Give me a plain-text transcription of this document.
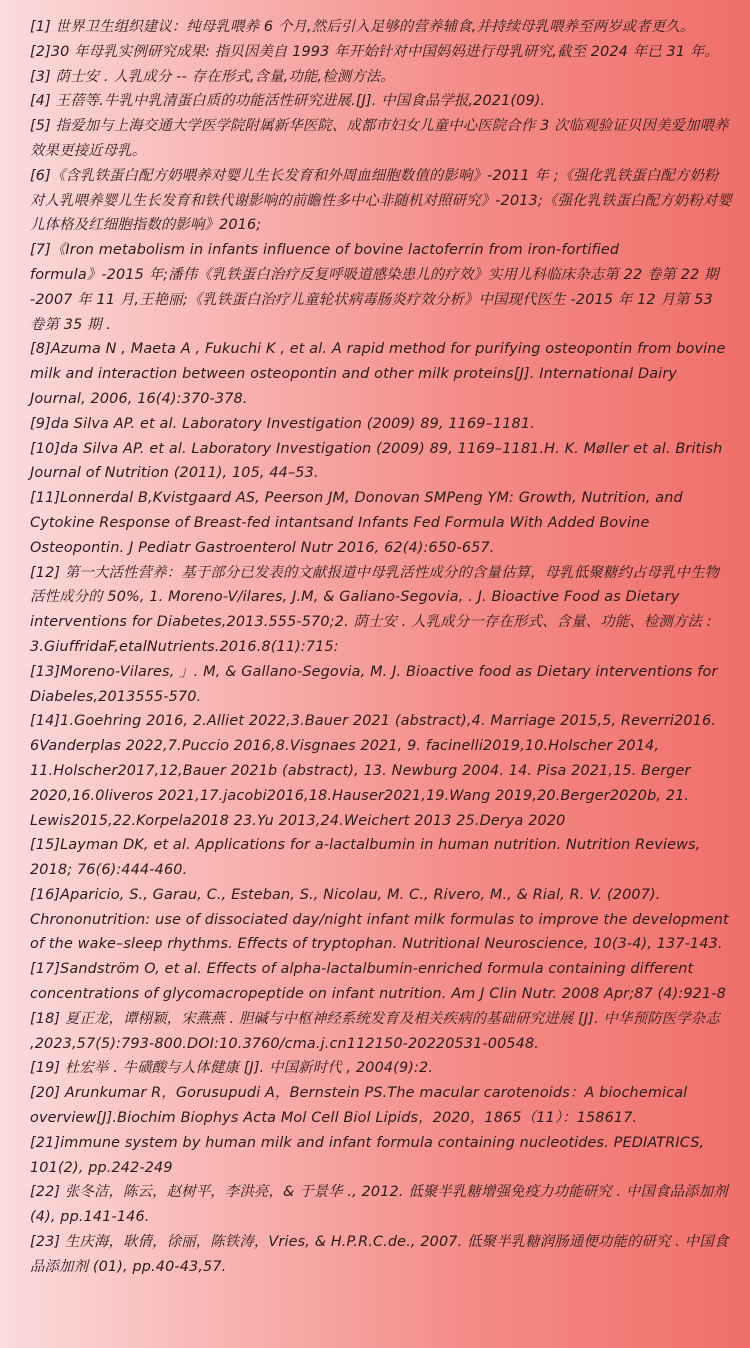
[1] 世界卫生组织建议：纯母乳喂养 6 个月,然后引入足够的营养辅食,并持续母乳喂养至两岁或者更久。

[2]30 年母乳实例研究成果: 指贝因美自 1993 年开始针对中国妈妈进行母乳研究,截至 2024 年已 31 年。

[3] 荫士安 . 人乳成分 -- 存在形式,含量,功能,检测方法。

[4] 王蓓等.牛乳中乳清蛋白质的功能活性研究进展.[J]. 中国食品学报,2021(09).

[5] 指爱加与上海交通大学医学院附属新华医院、成都市妇女儿童中心医院合作 3 次临观验证贝因美爱加喂养效果更接近母乳。

[6]《含乳铁蛋白配方奶喂养对婴儿生长发育和外周血细胞数值的影响》-2011 年 ;《强化乳铁蛋白配方奶粉对人乳喂养婴儿生长发育和铁代谢影响的前瞻性多中心非随机对照研究》-2013;《强化乳铁蛋白配方奶粉对婴儿体格及红细胞指数的影响》2016;

[7]《Iron metabolism in infants influence of bovine lactoferrin from iron-fortified formula》-2015 年;潘伟《乳铁蛋白治疗反复呼吸道感染患儿的疗效》实用儿科临床杂志第 22 卷第 22 期 -2007 年 11 月,王艳丽;《乳铁蛋白治疗儿童轮状病毒肠炎疗效分析》中国现代医生 -2015 年 12 月第 53 卷第 35 期 .

[8]Azuma N , Maeta A , Fukuchi K , et al. A rapid method for purifying osteopontin from bovine milk and interaction between osteopontin and other milk proteins[J]. International Dairy Journal, 2006, 16(4):370-378.

[9]da Silva AP. et al. Laboratory Investigation (2009) 89, 1169–1181.

[10]da Silva AP. et al. Laboratory Investigation (2009) 89, 1169–1181.H. K. Møller et al. British Journal of Nutrition (2011), 105, 44–53.

[11]Lonnerdal B,Kvistgaard AS, Peerson JM, Donovan SMPeng YM: Growth, Nutrition, and Cytokine Response of Breast-fed intantsand Infants Fed Formula With Added Bovine Osteopontin. J Pediatr Gastroenterol Nutr 2016, 62(4):650-657.

[12] 第一大活性营养：基于部分已发表的文献报道中母乳活性成分的含量估算，母乳低聚糖约占母乳中生物活性成分的 50%, 1. Moreno-V/ilares, J.M, & Galiano-Segovia, . J. Bioactive Food as Dietary interventions for Diabetes,2013.555-570;2. 荫士安 . 人乳成分一存在形式、含量、功能、检测方法 : 3.GiuffridaF,etalNutrients.2016.8(11):715:

[13]Moreno-Vilares, 」. M, & Gallano-Segovia, M. J. Bioactive food as Dietary interventions for Diabeles,2013555-570.

[14]1.Goehring 2016, 2.Alliet 2022,3.Bauer 2021 (abstract),4. Marriage 2015,5, Reverri2016. 6Vanderplas 2022,7.Puccio 2016,8.Visgnaes 2021, 9. facinelli2019,10.Holscher 2014, 11.Holscher2017,12,Bauer 2021b (abstract), 13. Newburg 2004. 14. Pisa 2021,15. Berger 2020,16.0liveros 2021,17.jacobi2016,18.Hauser2021,19.Wang 2019,20.Berger2020b, 21. Lewis2015,22.Korpela2018 23.Yu 2013,24.Weichert 2013 25.Derya 2020

[15]Layman DK, et al. Applications for a-lactalbumin in human nutrition. Nutrition Reviews, 2018; 76(6):444-460.

[16]Aparicio, S., Garau, C., Esteban, S., Nicolau, M. C., Rivero, M., & Rial, R. V. (2007). Chrononutrition: use of dissociated day/night infant milk formulas to improve the development of the wake–sleep rhythms. Effects of tryptophan. Nutritional Neuroscience, 10(3-4), 137-143.

[17]Sandström O, et al. Effects of alpha-lactalbumin-enriched formula containing different concentrations of glycomacropeptide on infant nutrition. Am J Clin Nutr. 2008 Apr;87 (4):921-8

[18] 夏正龙，谭栩颖，宋燕燕 . 胆碱与中枢神经系统发育及相关疾病的基础研究进展 [J]. 中华预防医学杂志 ,2023,57(5):793-800.DOI:10.3760/cma.j.cn112150-20220531-00548.

[19] 杜宏举 . 牛磺酸与人体健康 [J]. 中国新时代 , 2004(9):2.

[20] Arunkumar R，Gorusupudi A，Bernstein PS.The macular carotenoids：A biochemical overview[J].Biochim Biophys Acta Mol Cell Biol Lipids，2020，1865（11）：158617.

[21]immune system by human milk and infant formula containing nucleotides. PEDIATRICS, 101(2), pp.242-249

[22] 张冬洁，陈云，赵树平，李洪亮，& 于景华 ., 2012. 低聚半乳糖增强免疫力功能研究 . 中国食品添加剂 (4), pp.141-146.

[23] 生庆海，耿倩，徐丽，陈铁涛，Vries, & H.P.R.C.de., 2007. 低聚半乳糖润肠通便功能的研究 . 中国食品添加剂 (01), pp.40-43,57.
